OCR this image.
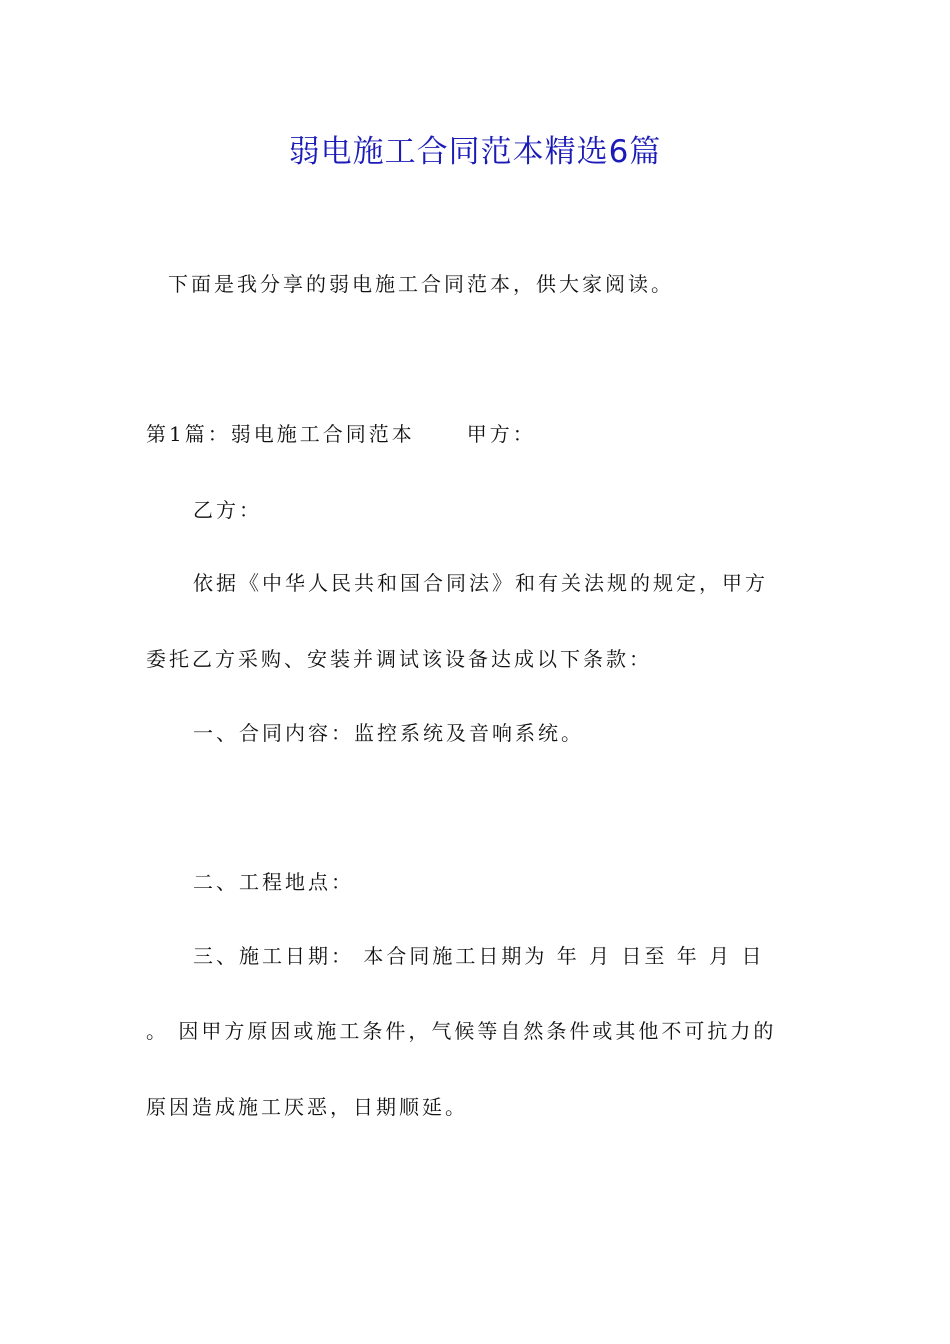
弱电施工合同范本精选6篇
下面是我分享的弱电施工合同范本，供大家阅读。
第1篇：弱电施工合同范本	甲方：
乙方：
依据《中华人民共和国合同法》和有关法规的规定，甲方
委托乙方采购、安装并调试该设备达成以下条款：
一、合同内容：监控系统及音响系统。
二、工程地点：
三、施工日期： 本合同施工日期为 年 月 日至 年 月 日
。 因甲方原因或施工条件，气候等自然条件或其他不可抗力的
原因造成施工厌恶，日期顺延。
